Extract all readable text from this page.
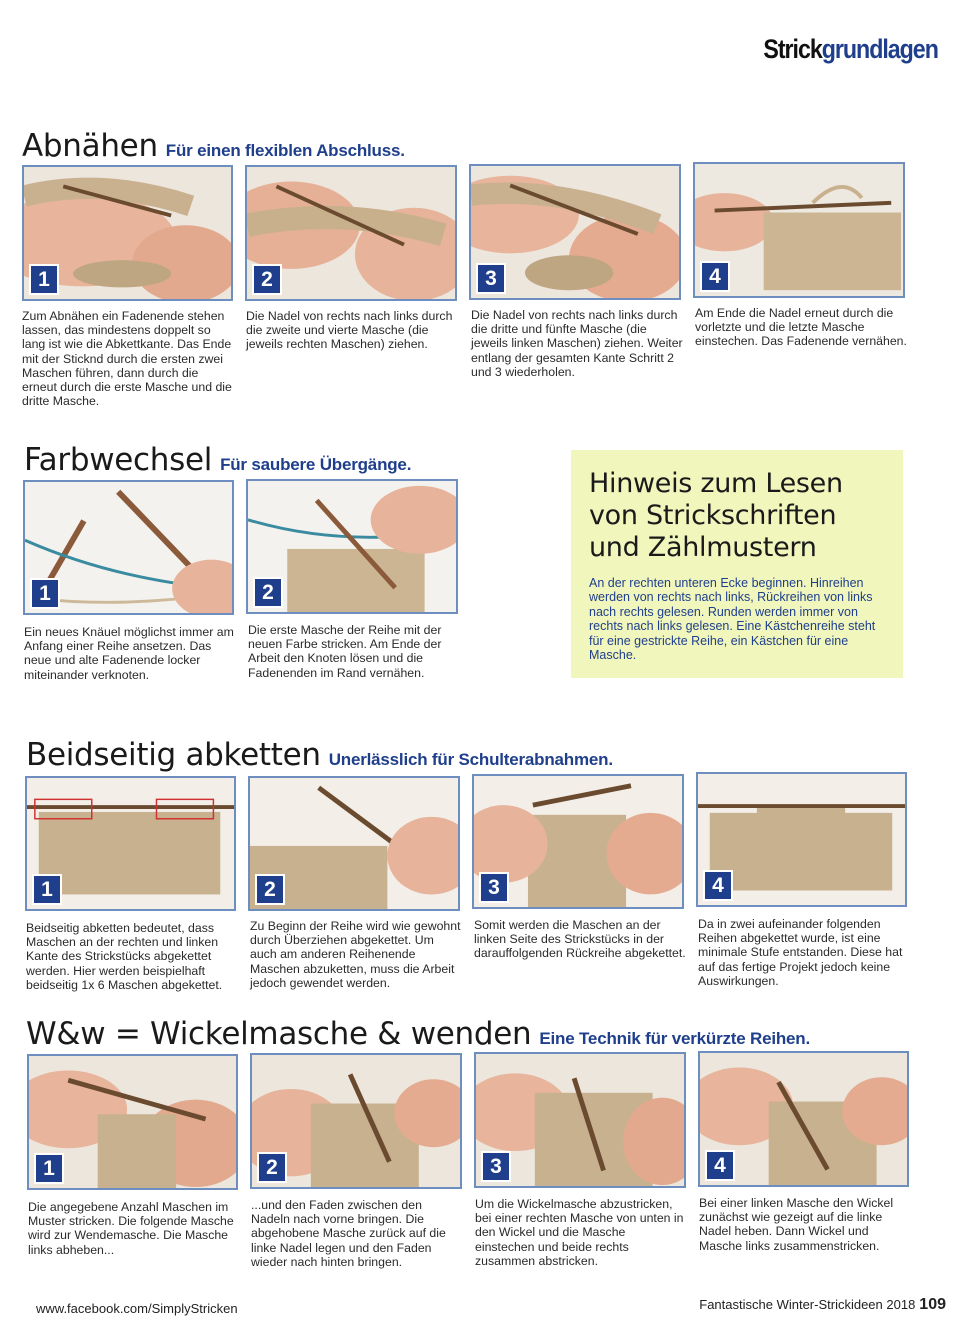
Strickgrundlagen
Abnähen Für einen flexiblen Abschluss.
1	2	3	4
Zum Abnähen ein Fadenende stehen lassen, das mindestens doppelt so lang ist wie die Abkettkante. Das Ende mit der Sticknd durch die ersten zwei Maschen führen, dann durch die erneut durch die erste Masche und die dritte Masche.
Die Nadel von rechts nach links durch die zweite und vierte Masche (die jeweils rechten Maschen) ziehen.
Die Nadel von rechts nach links durch die dritte und fünfte Masche (die jeweils linken Maschen) ziehen. Weiter entlang der gesamten Kante Schritt 2 und 3 wiederholen.
Am Ende die Nadel erneut durch die vorletzte und die letzte Masche einstechen. Das Fadenende vernähen.
Farbwechsel Für saubere Übergänge.
1	2
Ein neues Knäuel möglichst immer am Anfang einer Reihe ansetzen. Das neue und alte Fadenende locker miteinander verknoten.
Die erste Masche der Reihe mit der neuen Farbe stricken. Am Ende der Arbeit den Knoten lösen und die Fadenenden im Rand vernähen.
Hinweis zum Lesen von Strickschriften und Zählmustern

An der rechten unteren Ecke beginnen. Hinreihen werden von rechts nach links, Rückreihen von links nach rechts gelesen. Runden werden immer von rechts nach links gelesen. Eine Kästchenreihe steht für eine gestrickte Reihe, ein Kästchen für eine Masche.

Beidseitig abketten Unerlässlich für Schulterabnahmen.
1	2	3	4
Beidseitig abketten bedeutet, dass Maschen an der rechten und linken Kante des Strickstücks abgekettet werden. Hier werden beispielhaft beidseitig 1x 6 Maschen abgekettet.
Zu Beginn der Reihe wird wie gewohnt durch Überziehen abgekettet. Um auch am anderen Reihenende Maschen abzuketten, muss die Arbeit jedoch gewendet werden.
Somit werden die Maschen an der linken Seite des Strickstücks in der darauffolgenden Rückreihe abgekettet.
Da in zwei aufeinander folgenden Reihen abgekettet wurde, ist eine minimale Stufe entstanden. Diese hat auf das fertige Projekt jedoch keine Auswirkungen.
W&w = Wickelmasche & wenden Eine Technik für verkürzte Reihen.
1	2	3	4
Die angegebene Anzahl Maschen im Muster stricken. Die folgende Masche wird zur Wendemasche. Die Masche links abheben...
...und den Faden zwischen den Nadeln nach vorne bringen. Die abgehobene Masche zurück auf die linke Nadel legen und den Faden wieder nach hinten bringen.
Um die Wickelmasche abzustricken, bei einer rechten Masche von unten in den Wickel und die Masche einstechen und beide rechts zusammen abstricken.
Bei einer linken Masche den Wickel zunächst wie gezeigt auf die linke Nadel heben. Dann Wickel und Masche links zusammenstricken.
www.facebook.com/SimplyStricken	Fantastische Winter-Strickideen 2018 109
